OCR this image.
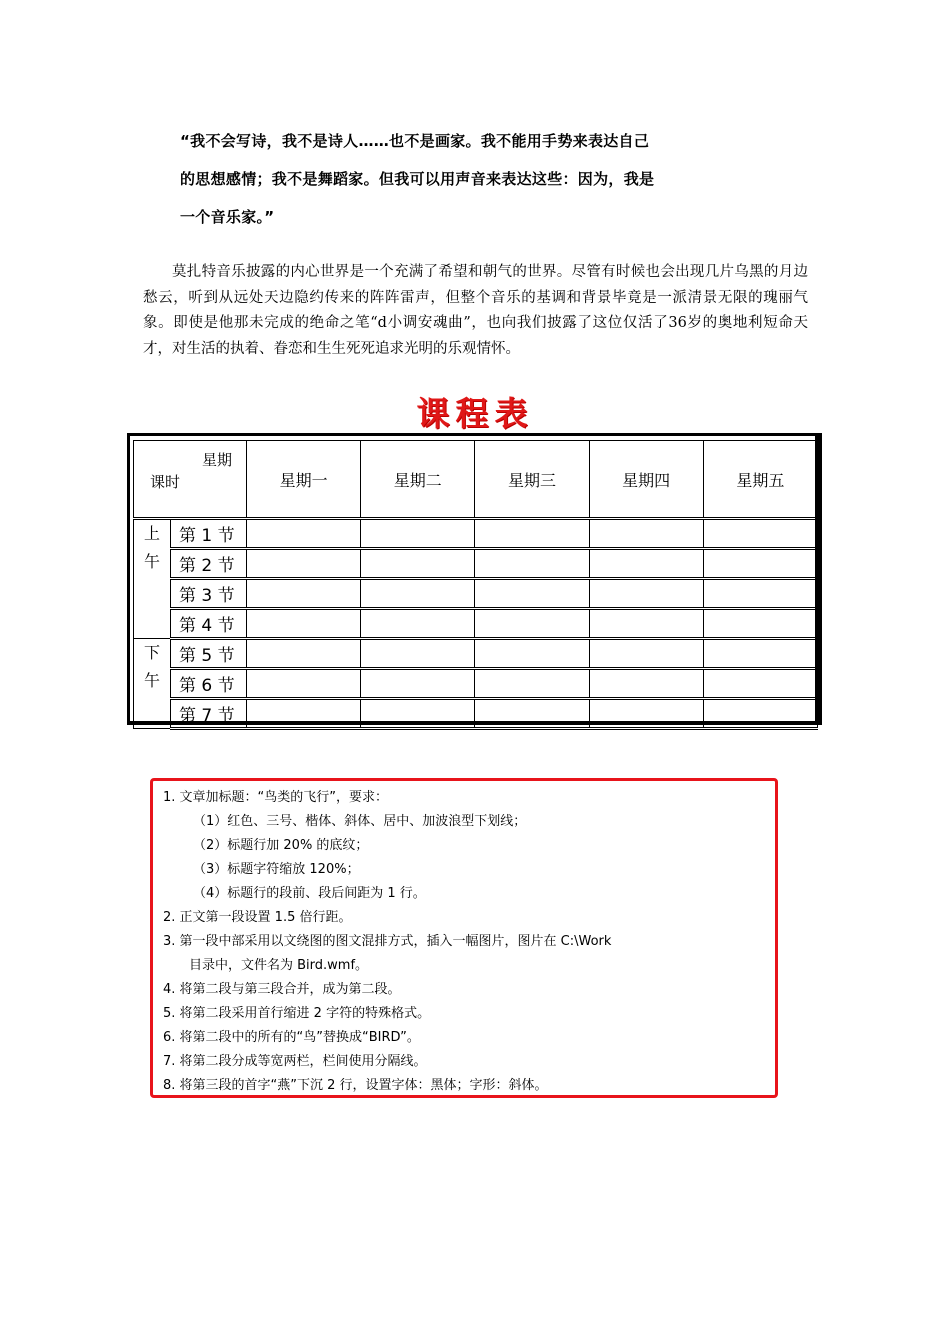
“我不会写诗，我不是诗人……也不是画家。我不能用手势来表达自己
的思想感情；我不是舞蹈家。但我可以用声音来表达这些：因为，我是
一个音乐家。”

莫扎特音乐披露的内心世界是一个充满了希望和朝气的世界。尽管有时候也会出现几片乌黑的月边愁云，听到从远处天边隐约传来的阵阵雷声，但整个音乐的基调和背景毕竟是一派清景无限的瑰丽气象。即使是他那未完成的绝命之笔“d小调安魂曲”，也向我们披露了这位仅活了36岁的奥地利短命天才，对生活的执着、眷恋和生生死死追求光明的乐观情怀。

课程表
星期
课时		星期一	星期二	星期三	星期四	星期五

上
午	第 1 节					
	第 2 节					
	第 3 节					
	第 4 节					

下
午	第 5 节					
	第 6 节					
	第 7 节					
1. 文章加标题：“鸟类的飞行”，要求：
（1）红色、三号、楷体、斜体、居中、加波浪型下划线；
（2）标题行加 20% 的底纹；
（3）标题字符缩放 120%；
（4）标题行的段前、段后间距为 1 行。
2. 正文第一段设置 1.5 倍行距。
3. 第一段中部采用以文绕图的图文混排方式，插入一幅图片，图片在 C:\Work
目录中，文件名为 Bird.wmf。
4. 将第二段与第三段合并，成为第二段。
5. 将第二段采用首行缩进 2 字符的特殊格式。
6. 将第二段中的所有的“鸟”替换成“BIRD”。
7. 将第二段分成等宽两栏，栏间使用分隔线。
8. 将第三段的首字“燕”下沉 2 行，设置字体：黑体；字形：斜体。
